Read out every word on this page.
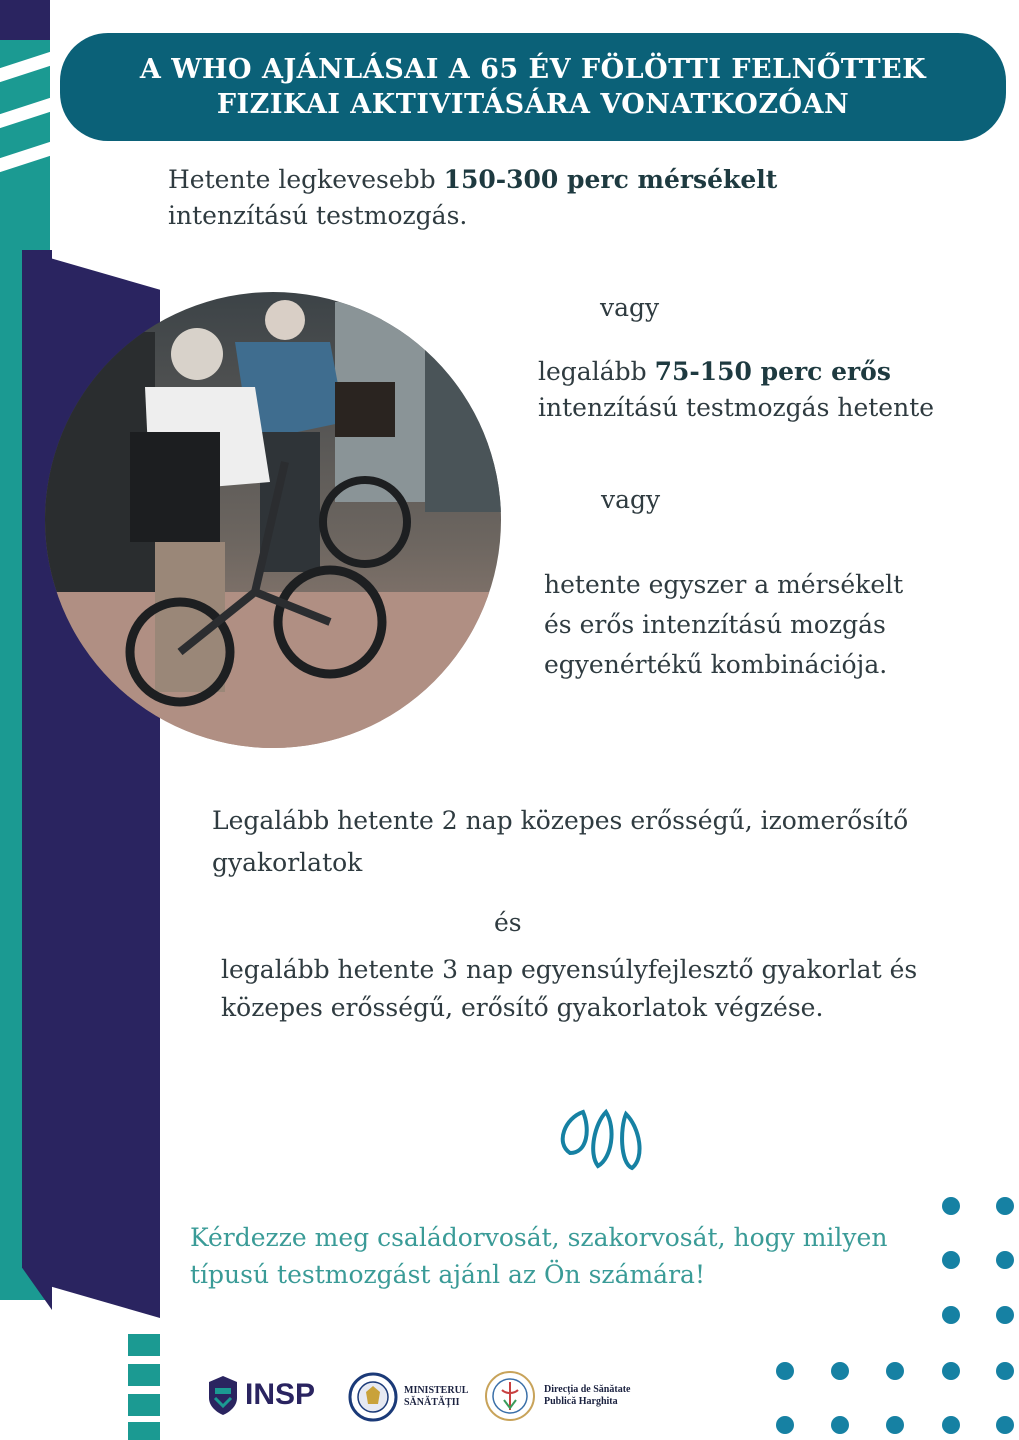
A WHO AJÁNLÁSAI A 65 ÉV FÖLÖTTI FELNŐTTEK
FIZIKAI AKTIVITÁSÁRA VONATKOZÓAN
Hetente legkevesebb 150-300 perc mérsékelt
intenzítású testmozgás.
vagy
legalább 75-150 perc erős
intenzítású testmozgás hetente
vagy
hetente egyszer a mérsékelt
és erős intenzítású mozgás
egyenértékű kombinációja.
Legalább hetente 2 nap közepes erősségű, izomerősítő
gyakorlatok
és
legalább hetente 3 nap egyensúlyfejlesztő gyakorlat és
közepes erősségű, erősítő gyakorlatok végzése.
Kérdezze meg családorvosát, szakorvosát, hogy milyen
típusú testmozgást ajánl az Ön számára!
INSP	MINISTERUL
SĂNĂTĂȚII
Direcția de Sănătate
Publică Harghita
